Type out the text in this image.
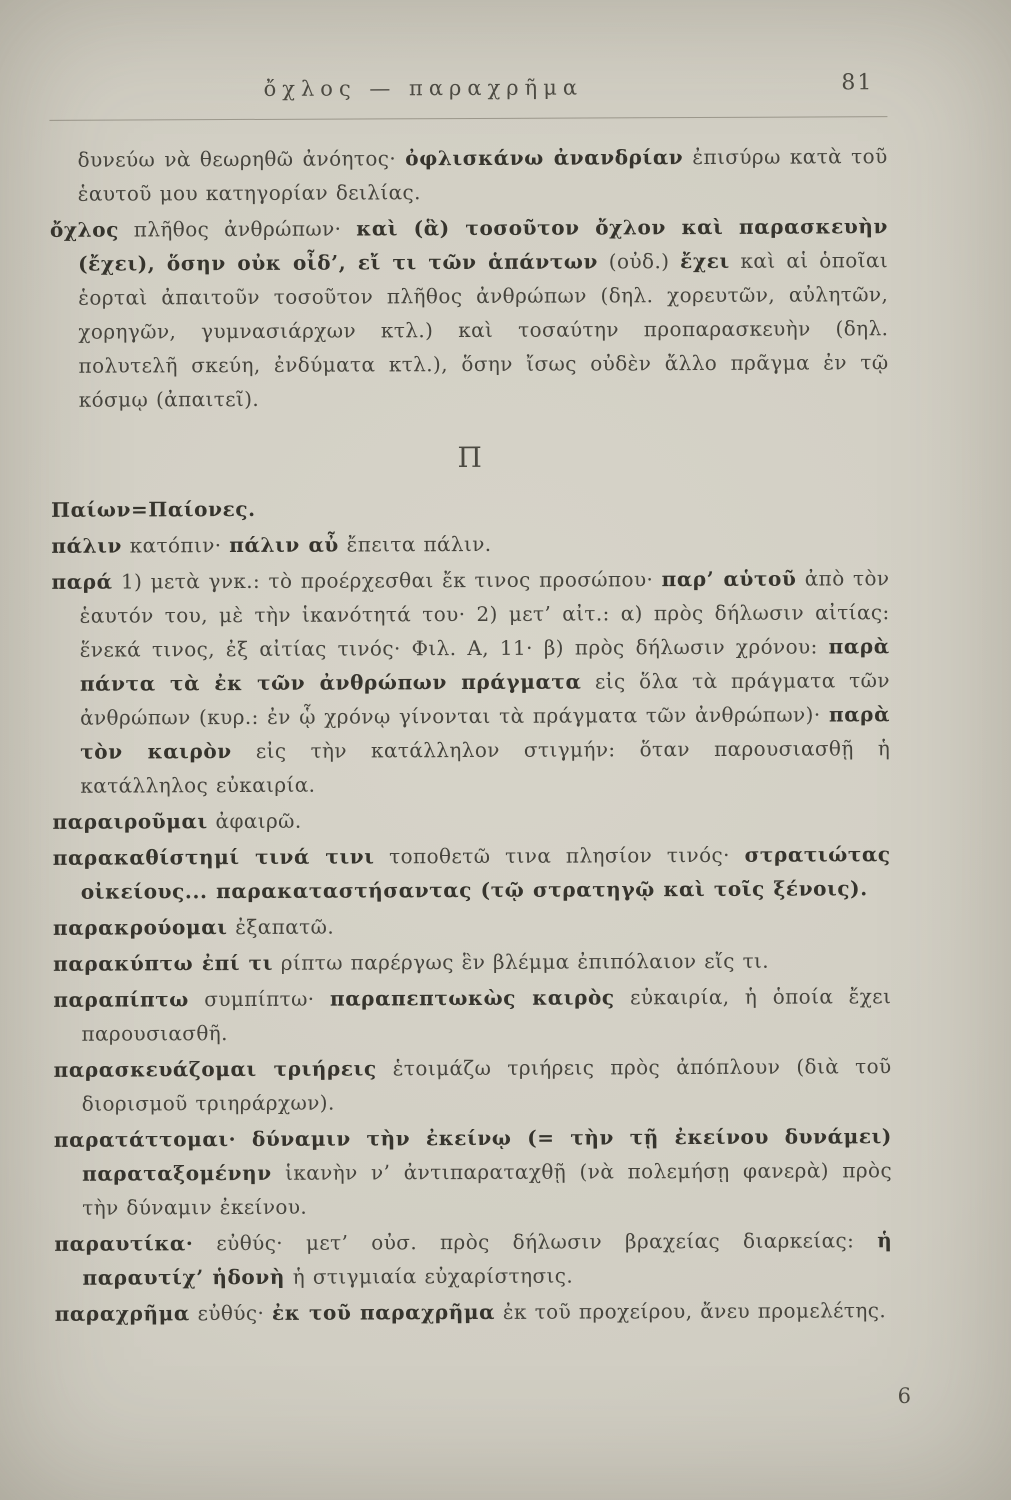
ὄχλος — παραχρῆμα	81

δυνεύω νὰ θεωρηθῶ ἀνόητος· ὀφλισκάνω ἀνανδρίαν ἐπισύρω κατὰ τοῦ ἑαυτοῦ μου κατηγορίαν δειλίας.

ὄχλος πλῆθος ἀνθρώπων· καὶ (ἃ) τοσοῦτον ὄχλον καὶ παρασκευὴν (ἔχει), ὅσην οὐκ οἶδ’, εἴ τι τῶν ἁπάντων (οὐδ.) ἔχει καὶ αἱ ὁποῖαι ἑορταὶ ἀπαιτοῦν τοσοῦτον πλῆθος ἀνθρώπων (δηλ. χορευτῶν, αὐλητῶν, χορηγῶν, γυμνασιάρχων κτλ.) καὶ τοσαύτην προπαρασκευὴν (δηλ. πολυτελῆ σκεύη, ἐνδύματα κτλ.), ὅσην ἴσως οὐδὲν ἄλλο πρᾶγμα ἐν τῷ κόσμῳ (ἀπαιτεῖ).

Π

Παίων=Παίονες.

πάλιν κατόπιν· πάλιν αὖ ἔπειτα πάλιν.

παρά 1) μετὰ γνκ.: τὸ προέρχεσθαι ἔκ τινος προσώπου· παρ’ αὑτοῦ ἀπὸ τὸν ἑαυτόν του, μὲ τὴν ἱκανότητά του· 2) μετ’ αἰτ.: α) πρὸς δήλωσιν αἰτίας: ἕνεκά τινος, ἐξ αἰτίας τινός· Φιλ. Α, 11· β) πρὸς δήλωσιν χρόνου: παρὰ πάντα τὰ ἐκ τῶν ἀνθρώπων πράγματα εἰς ὅλα τὰ πράγματα τῶν ἀνθρώπων (κυρ.: ἐν ᾧ χρόνῳ γίνονται τὰ πράγματα τῶν ἀνθρώπων)· παρὰ τὸν καιρὸν εἰς τὴν κατάλληλον στιγμήν: ὅταν παρουσιασθῇ ἡ κατάλληλος εὐκαιρία.

παραιροῦμαι ἀφαιρῶ.

παρακαθίστημί τινά τινι τοποθετῶ τινα πλησίον τινός· στρατιώτας οἰκείους... παρακαταστήσαντας (τῷ στρατηγῷ καὶ τοῖς ξένοις).

παρακρούομαι ἐξαπατῶ.

παρακύπτω ἐπί τι ρίπτω παρέργως ἓν βλέμμα ἐπιπόλαιον εἴς τι.

παραπίπτω συμπίπτω· παραπεπτωκὼς καιρὸς εὐκαιρία, ἡ ὁποία ἔχει παρουσιασθῆ.

παρασκευάζομαι τριήρεις ἑτοιμάζω τριήρεις πρὸς ἀπόπλουν (διὰ τοῦ διορισμοῦ τριηράρχων).

παρατάττομαι· δύναμιν τὴν ἐκείνῳ (= τὴν τῇ ἐκείνου δυνάμει) παραταξομένην ἱκανὴν ν’ ἀντιπαραταχθῇ (νὰ πολεμήσῃ φανερὰ) πρὸς τὴν δύναμιν ἐκείνου.

παραυτίκα· εὐθύς· μετ’ οὐσ. πρὸς δήλωσιν βραχείας διαρκείας: ἡ παραυτίχ’ ἡδονὴ ἡ στιγμιαία εὐχαρίστησις.

παραχρῆμα εὐθύς· ἐκ τοῦ παραχρῆμα ἐκ τοῦ προχείρου, ἄνευ προμελέτης.

6
